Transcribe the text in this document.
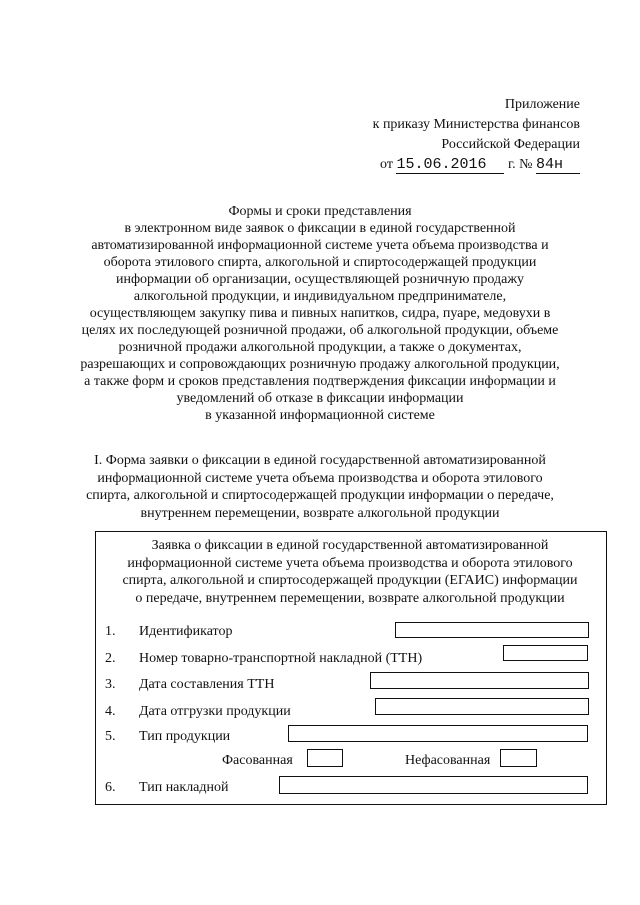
Приложение
к приказу Министерства финансов
Российской Федерации
от 15.06.2016 г. № 84н
Формы и сроки представления
в электронном виде заявок о фиксации в единой государственной
автоматизированной информационной системе учета объема производства и
оборота этилового спирта, алкогольной и спиртосодержащей продукции
информации об организации, осуществляющей розничную продажу
алкогольной продукции, и индивидуальном предпринимателе,
осуществляющем закупку пива и пивных напитков, сидра, пуаре, медовухи в
целях их последующей розничной продажи, об алкогольной продукции, объеме
розничной продажи алкогольной продукции, а также о документах,
разрешающих и сопровождающих розничную продажу алкогольной продукции,
а также форм и сроков представления подтверждения фиксации информации и
уведомлений об отказе в фиксации информации
в указанной информационной системе
I. Форма заявки о фиксации в единой государственной автоматизированной
информационной системе учета объема производства и оборота этилового
спирта, алкогольной и спиртосодержащей продукции информации о передаче,
внутреннем перемещении, возврате алкогольной продукции
Заявка о фиксации в единой государственной автоматизированной
информационной системе учета объема производства и оборота этилового
спирта, алкогольной и спиртосодержащей продукции (ЕГАИС) информации
о передаче, внутреннем перемещении, возврате алкогольной продукции
1. Идентификатор
2. Номер товарно-транспортной накладной (ТТН)
3. Дата составления ТТН
4. Дата отгрузки продукции
5. Тип продукции
Фасованная	Нефасованная
6. Тип накладной
